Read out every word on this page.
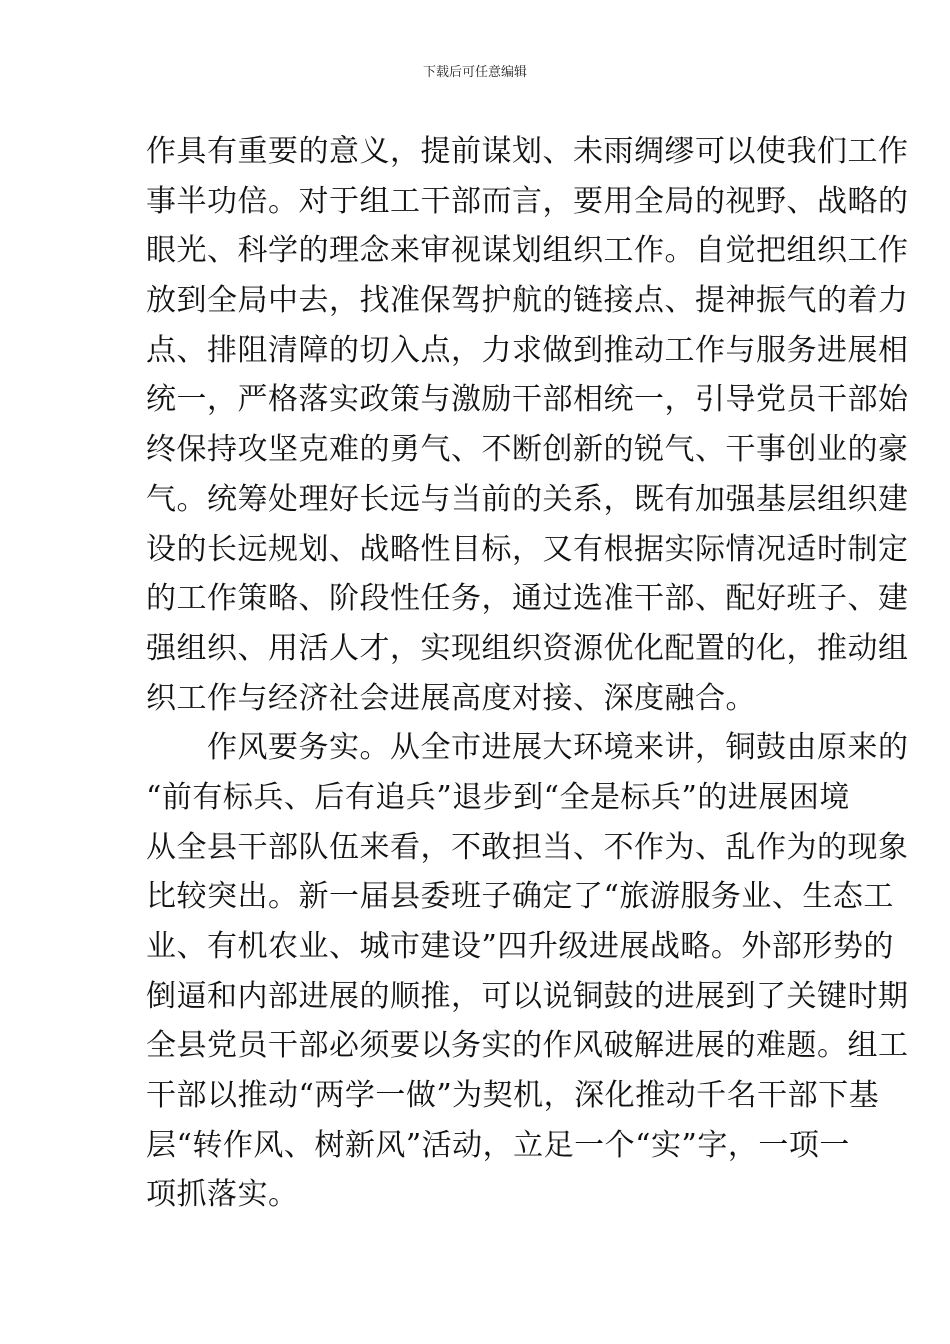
下载后可任意编辑
作具有重要的意义，提前谋划、未雨绸缪可以使我们工作
事半功倍。对于组工干部而言，要用全局的视野、战略的
眼光、科学的理念来审视谋划组织工作。自觉把组织工作
放到全局中去，找准保驾护航的链接点、提神振气的着力
点、排阻清障的切入点，力求做到推动工作与服务进展相
统一，严格落实政策与激励干部相统一，引导党员干部始
终保持攻坚克难的勇气、不断创新的锐气、干事创业的豪
气。统筹处理好长远与当前的关系，既有加强基层组织建
设的长远规划、战略性目标，又有根据实际情况适时制定
的工作策略、阶段性任务，通过选准干部、配好班子、建
强组织、用活人才，实现组织资源优化配置的化，推动组
织工作与经济社会进展高度对接、深度融合。
　　作风要务实。从全市进展大环境来讲，铜鼓由原来的
“前有标兵、后有追兵”退步到“全是标兵”的进展困境
从全县干部队伍来看，不敢担当、不作为、乱作为的现象
比较突出。新一届县委班子确定了“旅游服务业、生态工
业、有机农业、城市建设”四升级进展战略。外部形势的
倒逼和内部进展的顺推，可以说铜鼓的进展到了关键时期
全县党员干部必须要以务实的作风破解进展的难题。组工
干部以推动“两学一做”为契机，深化推动千名干部下基
层“转作风、树新风”活动，立足一个“实”字，一项一
项抓落实。
